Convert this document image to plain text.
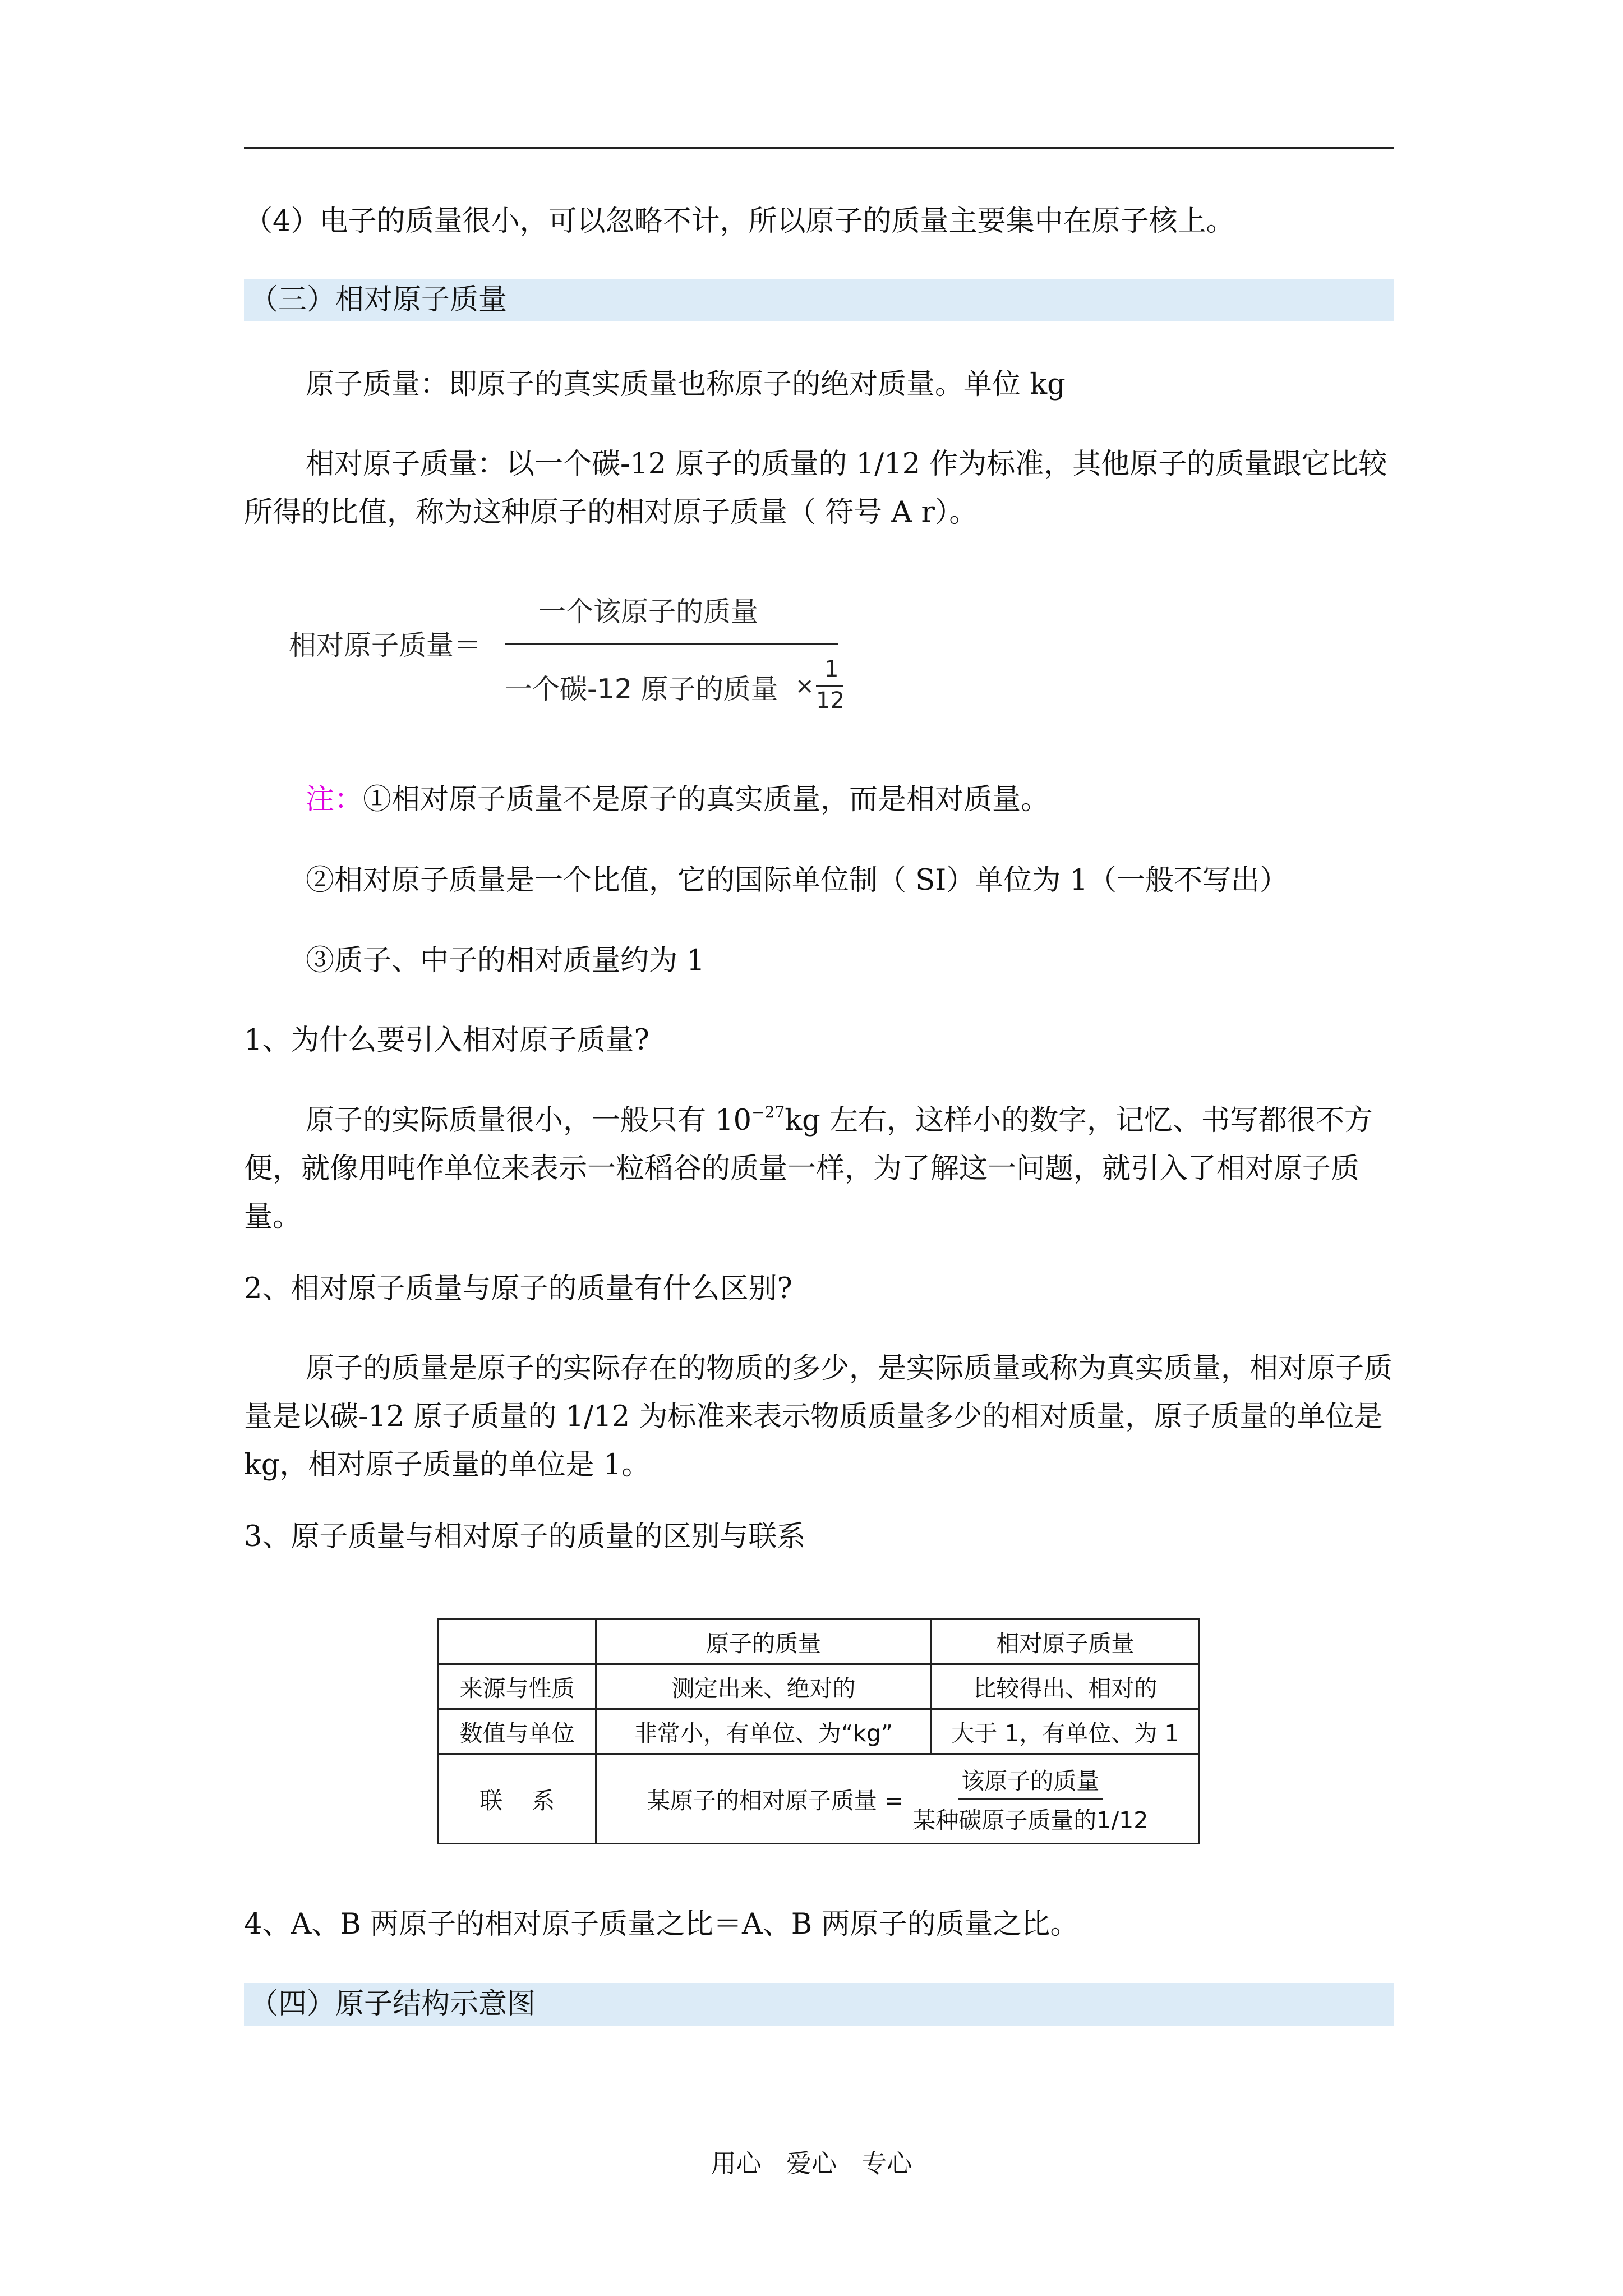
（4）电子的质量很小，可以忽略不计，所以原子的质量主要集中在原子核上。
（三）相对原子质量
原子质量：即原子的真实质量也称原子的绝对质量。单位 kg
相对原子质量：以一个碳-12 原子的质量的 1/12 作为标准，其他原子的质量跟它比较所得的比值，称为这种原子的相对原子质量（ 符号 A r）。
相对原子质量＝
一个该原子的质量
一个碳-12 原子的质量 ×
1
12
注：①相对原子质量不是原子的真实质量，而是相对质量。
②相对原子质量是一个比值，它的国际单位制（ SI）单位为 1（一般不写出）
③质子、中子的相对质量约为 1
1、为什么要引入相对原子质量?
原子的实际质量很小，一般只有 $10^{-27}kg$ 左右，这样小的数字，记忆、书写都很不方便，就像用吨作单位来表示一粒稻谷的质量一样，为了解这一问题，就引入了相对原子质量。
2、相对原子质量与原子的质量有什么区别?
原子的质量是原子的实际存在的物质的多少，是实际质量或称为真实质量，相对原子质量是以碳-12 原子质量的 1/12 为标准来表示物质质量多少的相对质量，原子质量的单位是 kg，相对原子质量的单位是 1。
3、原子质量与相对原子的质量的区别与联系
	原子的质量	相对原子质量
来源与性质	测定出来、绝对的	比较得出、相对的
数值与单位	非常小，有单位、为“kg”	大于 1，有单位、为 1
联    系	某原子的相对原子质量 = $\frac{\text{该原子的质量}}{\text{某种碳原子质量的1/12}}$
4、A、B 两原子的相对原子质量之比＝A、B 两原子的质量之比。
（四）原子结构示意图
用心 爱心 专心
